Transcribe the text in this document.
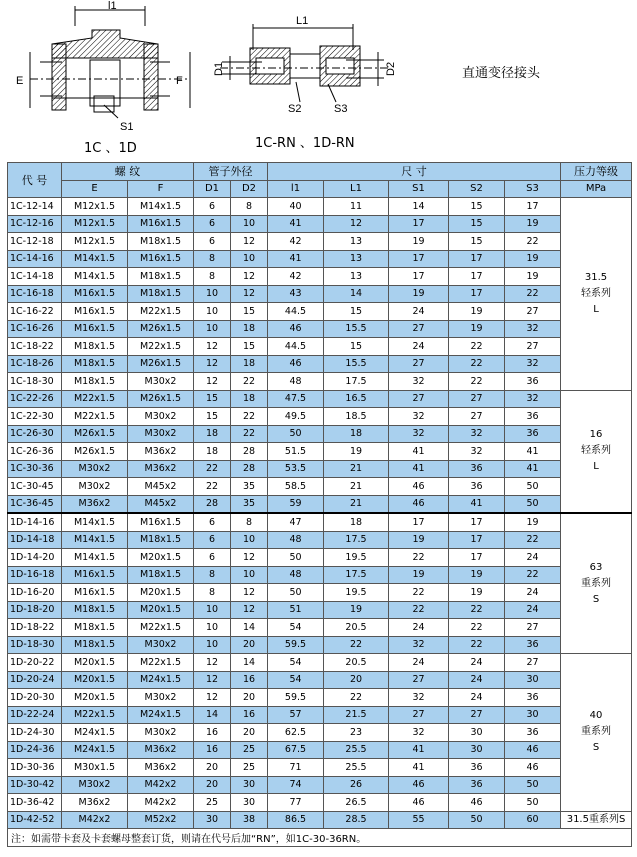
l1
E	F
S1
L1
D1	D2
S2	S3
1C 、1D	1C-RN 、1D-RN
直通变径接头
代 号	螺 纹		管子外径		尺 寸					压力等级
	E	F	D1	D2	l1	L1	S1	S2	S3	MPa
1C-12-14	M12x1.5	M14x1.5	6	8	40	11	14	15	17	31.5
轻系列
L

1C-12-16	M12x1.5	M16x1.5	6	10	41	12	17	15	19	
1C-12-18	M12x1.5	M18x1.5	6	12	42	13	19	15	22	
1C-14-16	M14x1.5	M16x1.5	8	10	41	13	17	17	19	
1C-14-18	M14x1.5	M18x1.5	8	12	42	13	17	17	19	
1C-16-18	M16x1.5	M18x1.5	10	12	43	14	19	17	22	
1C-16-22	M16x1.5	M22x1.5	10	15	44.5	15	24	19	27	
1C-16-26	M16x1.5	M26x1.5	10	18	46	15.5	27	19	32	
1C-18-22	M18x1.5	M22x1.5	12	15	44.5	15	24	22	27	
1C-18-26	M18x1.5	M26x1.5	12	18	46	15.5	27	22	32	
1C-18-30	M18x1.5	M30x2	12	22	48	17.5	32	22	36	
1C-22-26	M22x1.5	M26x1.5	15	18	47.5	16.5	27	27	32	16
轻系列
L

1C-22-30	M22x1.5	M30x2	15	22	49.5	18.5	32	27	36	
1C-26-30	M26x1.5	M30x2	18	22	50	18	32	32	36	
1C-26-36	M26x1.5	M36x2	18	28	51.5	19	41	32	41	
1C-30-36	M30x2	M36x2	22	28	53.5	21	41	36	41	
1C-30-45	M30x2	M45x2	22	35	58.5	21	46	36	50	
1C-36-45	M36x2	M45x2	28	35	59	21	46	41	50	
1D-14-16	M14x1.5	M16x1.5	6	8	47	18	17	17	19	63
重系列
S

1D-14-18	M14x1.5	M18x1.5	6	10	48	17.5	19	17	22	
1D-14-20	M14x1.5	M20x1.5	6	12	50	19.5	22	17	24	
1D-16-18	M16x1.5	M18x1.5	8	10	48	17.5	19	19	22	
1D-16-20	M16x1.5	M20x1.5	8	12	50	19.5	22	19	24	
1D-18-20	M18x1.5	M20x1.5	10	12	51	19	22	22	24	
1D-18-22	M18x1.5	M22x1.5	10	14	54	20.5	24	22	27	
1D-18-30	M18x1.5	M30x2	10	20	59.5	22	32	22	36	
1D-20-22	M20x1.5	M22x1.5	12	14	54	20.5	24	24	27	40
重系列
S

1D-20-24	M20x1.5	M24x1.5	12	16	54	20	27	24	30	
1D-20-30	M20x1.5	M30x2	12	20	59.5	22	32	24	36	
1D-22-24	M22x1.5	M24x1.5	14	16	57	21.5	27	27	30	
1D-24-30	M24x1.5	M30x2	16	20	62.5	23	32	30	36	
1D-24-36	M24x1.5	M36x2	16	25	67.5	25.5	41	30	46	
1D-30-36	M30x1.5	M36x2	20	25	71	25.5	41	36	46	
1D-30-42	M30x2	M42x2	20	30	74	26	46	36	50	
1D-36-42	M36x2	M42x2	25	30	77	26.5	46	46	50	
1D-42-52	M42x2	M52x2	30	38	86.5	28.5	55	50	60	31.5重系列S

注：如需带卡套及卡套螺母整套订货，则请在代号后加“RN”，如1C-30-36RN。										
